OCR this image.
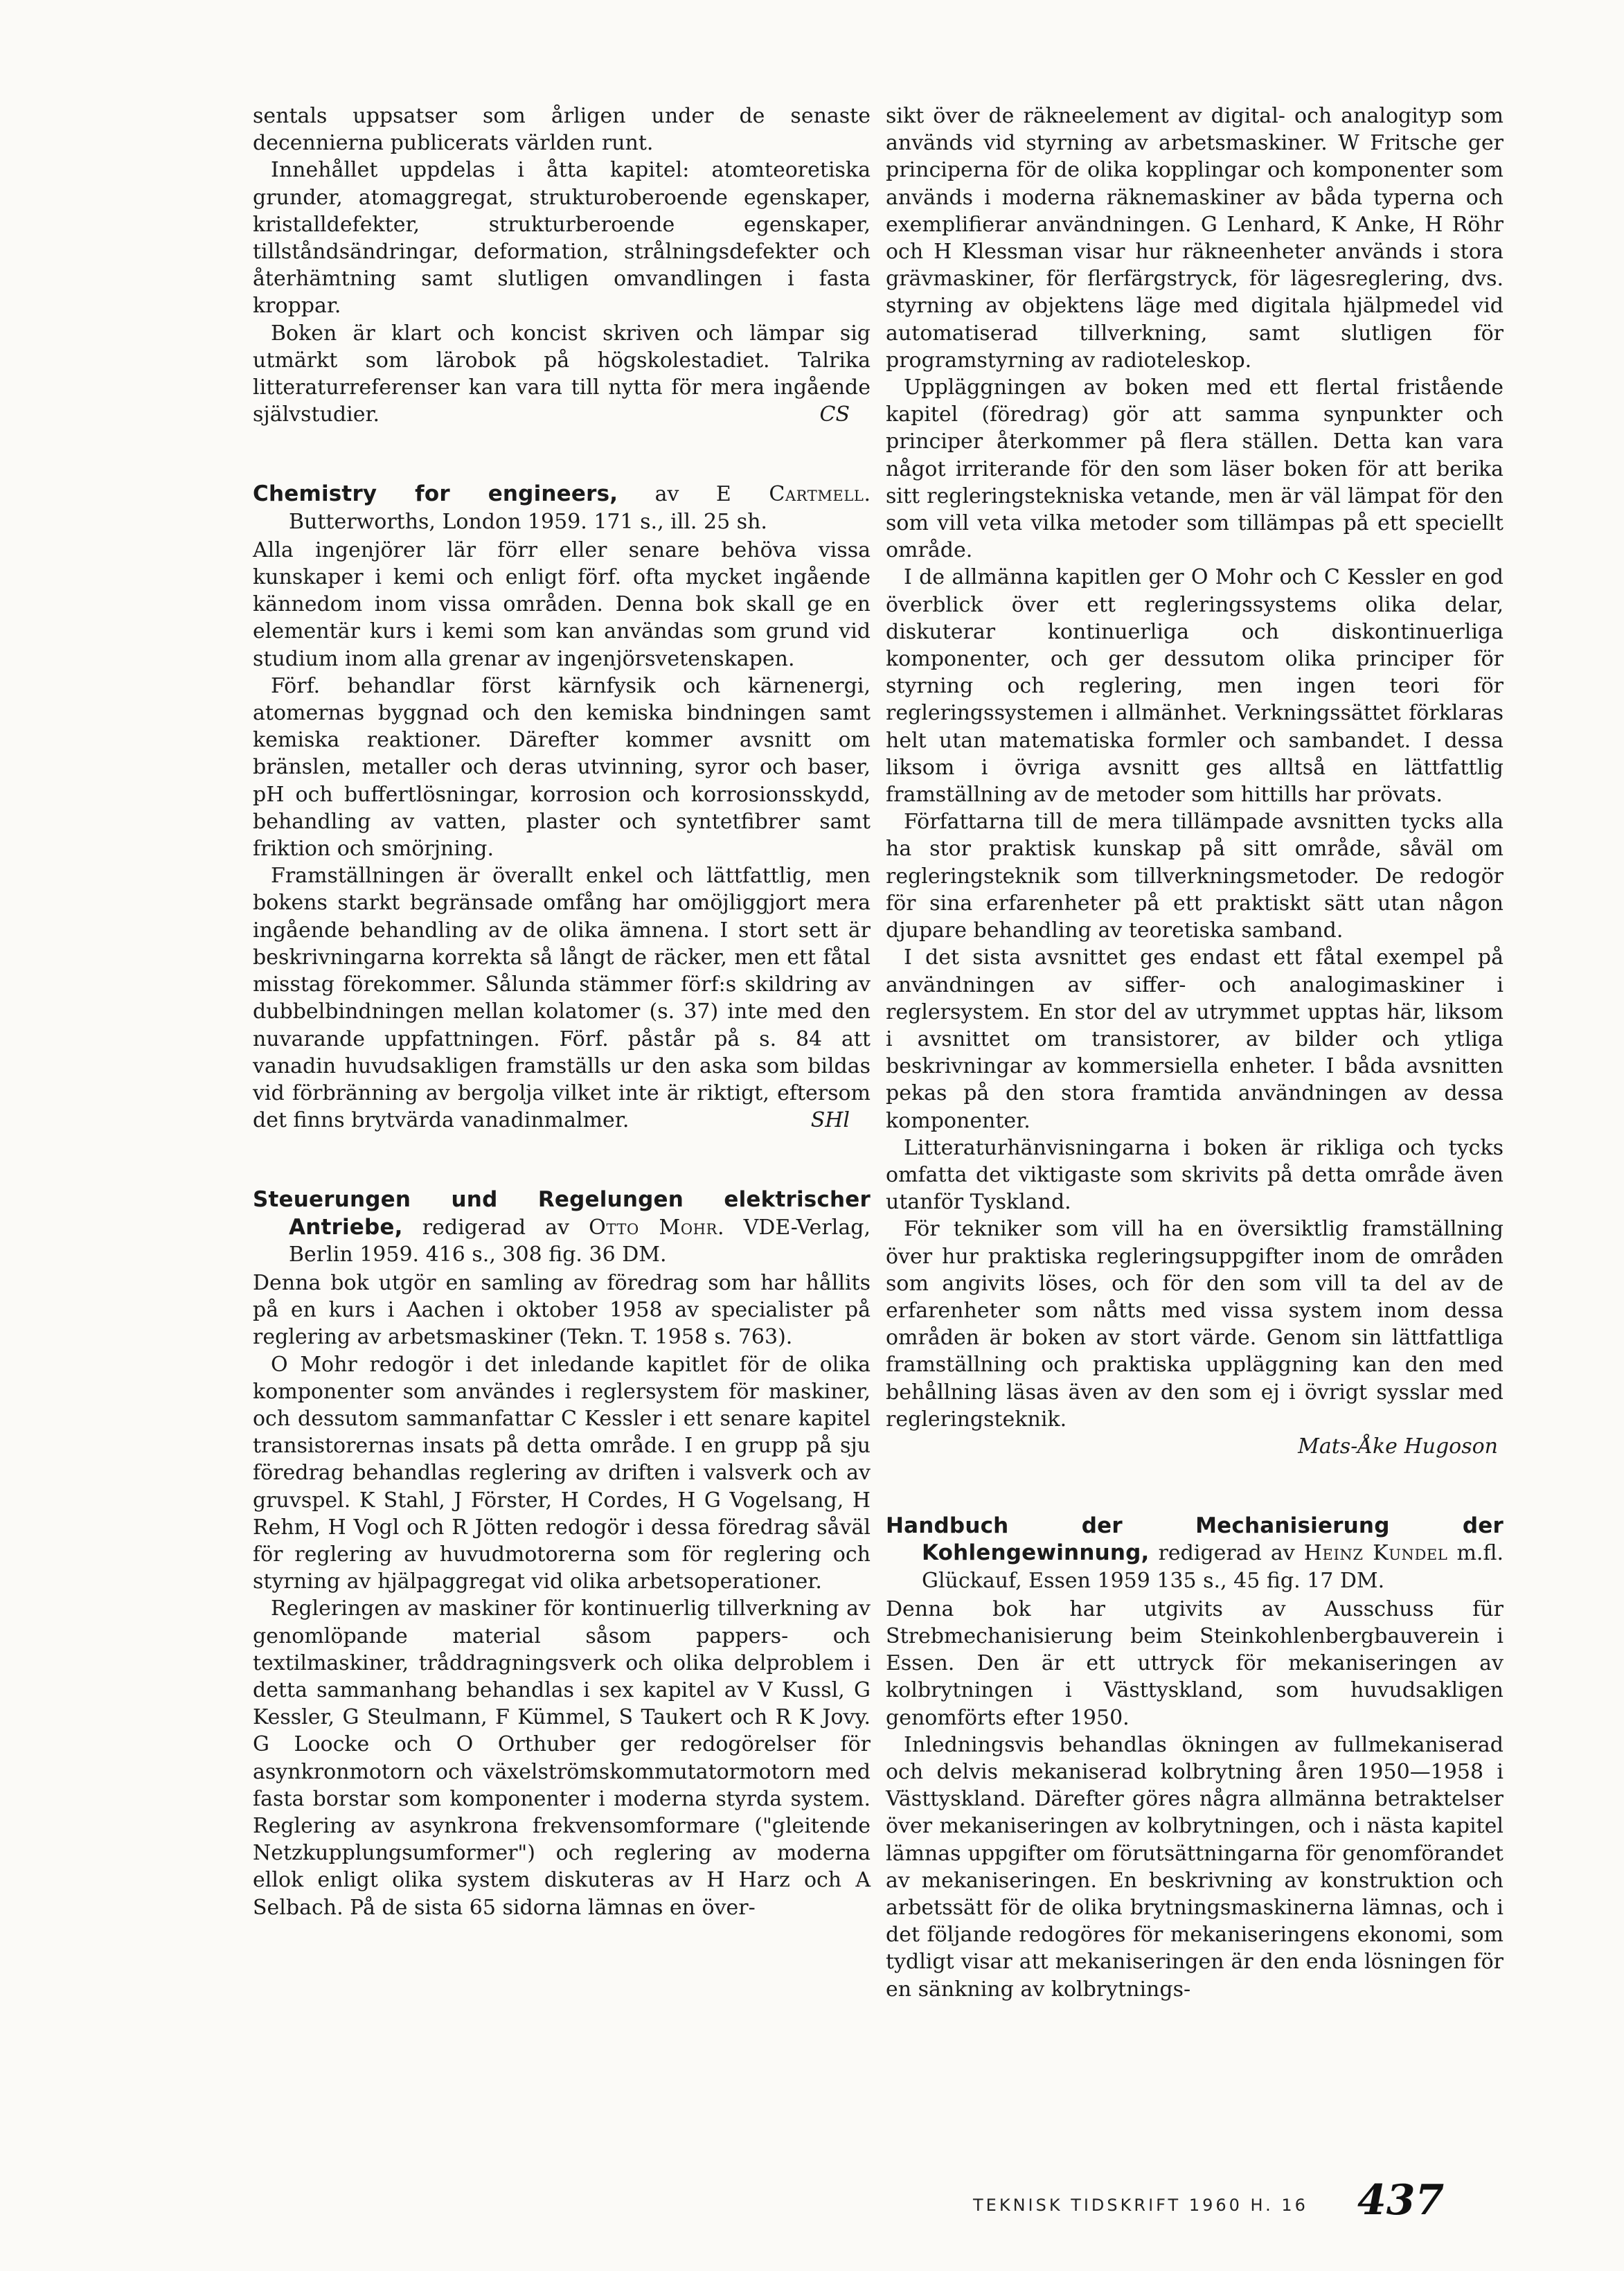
sentals uppsatser som årligen under de senaste decennierna publicerats världen runt.

Innehållet uppdelas i åtta kapitel: atomteoretiska grunder, atomaggregat, strukturoberoende egenskaper, kristalldefekter, strukturberoende egenskaper, tillståndsändringar, deformation, strålningsdefekter och återhämtning samt slutligen omvandlingen i fasta kroppar.

Boken är klart och koncist skriven och lämpar sig utmärkt som lärobok på högskolestadiet. Talrika litteraturreferenser kan vara till nytta för mera ingående självstudier.	CS

Chemistry for engineers, av E Cartmell. Butterworths, London 1959. 171 s., ill. 25 sh.

Alla ingenjörer lär förr eller senare behöva vissa kunskaper i kemi och enligt förf. ofta mycket ingående kännedom inom vissa områden. Denna bok skall ge en elementär kurs i kemi som kan användas som grund vid studium inom alla grenar av ingenjörsvetenskapen.

Förf. behandlar först kärnfysik och kärnenergi, atomernas byggnad och den kemiska bindningen samt kemiska reaktioner. Därefter kommer avsnitt om bränslen, metaller och deras utvinning, syror och baser, pH och buffertlösningar, korrosion och korrosionsskydd, behandling av vatten, plaster och syntetfibrer samt friktion och smörjning.

Framställningen är överallt enkel och lättfattlig, men bokens starkt begränsade omfång har omöjliggjort mera ingående behandling av de olika ämnena. I stort sett är beskrivningarna korrekta så långt de räcker, men ett fåtal misstag förekommer. Sålunda stämmer förf:s skildring av dubbelbindningen mellan kolatomer (s. 37) inte med den nuvarande uppfattningen. Förf. påstår på s. 84 att vanadin huvudsakligen framställs ur den aska som bildas vid förbränning av bergolja vilket inte är riktigt, eftersom det finns brytvärda vanadinmalmer.	SHl

Steuerungen und Regelungen elektrischer Antriebe, redigerad av Otto Mohr. VDE-Verlag, Berlin 1959. 416 s., 308 fig. 36 DM.

Denna bok utgör en samling av föredrag som har hållits på en kurs i Aachen i oktober 1958 av specialister på reglering av arbetsmaskiner (Tekn. T. 1958 s. 763).

O Mohr redogör i det inledande kapitlet för de olika komponenter som användes i reglersystem för maskiner, och dessutom sammanfattar C Kessler i ett senare kapitel transistorernas insats på detta område. I en grupp på sju föredrag behandlas reglering av driften i valsverk och av gruvspel. K Stahl, J Förster, H Cordes, H G Vogelsang, H Rehm, H Vogl och R Jötten redogör i dessa föredrag såväl för reglering av huvudmotorerna som för reglering och styrning av hjälpaggregat vid olika arbetsoperationer.

Regleringen av maskiner för kontinuerlig tillverkning av genomlöpande material såsom pappers- och textilmaskiner, tråddragningsverk och olika delproblem i detta sammanhang behandlas i sex kapitel av V Kussl, G Kessler, G Steulmann, F Kümmel, S Taukert och R K Jovy. G Loocke och O Orthuber ger redogörelser för asynkronmotorn och växelströmskommutatormotorn med fasta borstar som komponenter i moderna styrda system. Reglering av asynkrona frekvensomformare ("gleitende Netzkupplungsumformer") och reglering av moderna ellok enligt olika system diskuteras av H Harz och A Selbach. På de sista 65 sidorna lämnas en över-

sikt över de räkneelement av digital- och analogityp som används vid styrning av arbetsmaskiner. W Fritsche ger principerna för de olika kopplingar och komponenter som används i moderna räknemaskiner av båda typerna och exemplifierar användningen. G Lenhard, K Anke, H Röhr och H Klessman visar hur räkneenheter används i stora grävmaskiner, för flerfärgstryck, för lägesreglering, dvs. styrning av objektens läge med digitala hjälpmedel vid automatiserad tillverkning, samt slutligen för programstyrning av radioteleskop.

Uppläggningen av boken med ett flertal fristående kapitel (föredrag) gör att samma synpunkter och principer återkommer på flera ställen. Detta kan vara något irriterande för den som läser boken för att berika sitt regleringstekniska vetande, men är väl lämpat för den som vill veta vilka metoder som tillämpas på ett speciellt område.

I de allmänna kapitlen ger O Mohr och C Kessler en god överblick över ett regleringssystems olika delar, diskuterar kontinuerliga och diskontinuerliga komponenter, och ger dessutom olika principer för styrning och reglering, men ingen teori för regleringssystemen i allmänhet. Verkningssättet förklaras helt utan matematiska formler och sambandet. I dessa liksom i övriga avsnitt ges alltså en lättfattlig framställning av de metoder som hittills har prövats.

Författarna till de mera tillämpade avsnitten tycks alla ha stor praktisk kunskap på sitt område, såväl om regleringsteknik som tillverkningsmetoder. De redogör för sina erfarenheter på ett praktiskt sätt utan någon djupare behandling av teoretiska samband.

I det sista avsnittet ges endast ett fåtal exempel på användningen av siffer- och analogimaskiner i reglersystem. En stor del av utrymmet upptas här, liksom i avsnittet om transistorer, av bilder och ytliga beskrivningar av kommersiella enheter. I båda avsnitten pekas på den stora framtida användningen av dessa komponenter.

Litteraturhänvisningarna i boken är rikliga och tycks omfatta det viktigaste som skrivits på detta område även utanför Tyskland.

För tekniker som vill ha en översiktlig framställning över hur praktiska regleringsuppgifter inom de områden som angivits löses, och för den som vill ta del av de erfarenheter som nåtts med vissa system inom dessa områden är boken av stort värde. Genom sin lättfattliga framställning och praktiska uppläggning kan den med behållning läsas även av den som ej i övrigt sysslar med regleringsteknik.

Mats-Åke Hugoson

Handbuch der Mechanisierung der Kohlengewinnung, redigerad av Heinz Kundel m.fl. Glückauf, Essen 1959 135 s., 45 fig. 17 DM.

Denna bok har utgivits av Ausschuss für Strebmechanisierung beim Steinkohlenbergbauverein i Essen. Den är ett uttryck för mekaniseringen av kolbrytningen i Västtyskland, som huvudsakligen genomförts efter 1950.

Inledningsvis behandlas ökningen av fullmekaniserad och delvis mekaniserad kolbrytning åren 1950—1958 i Västtyskland. Därefter göres några allmänna betraktelser över mekaniseringen av kolbrytningen, och i nästa kapitel lämnas uppgifter om förutsättningarna för genomförandet av mekaniseringen. En beskrivning av konstruktion och arbetssätt för de olika brytningsmaskinerna lämnas, och i det följande redogöres för mekaniseringens ekonomi, som tydligt visar att mekaniseringen är den enda lösningen för en sänkning av kolbrytnings-

TEKNISK TIDSKRIFT 1960 H. 16 437
